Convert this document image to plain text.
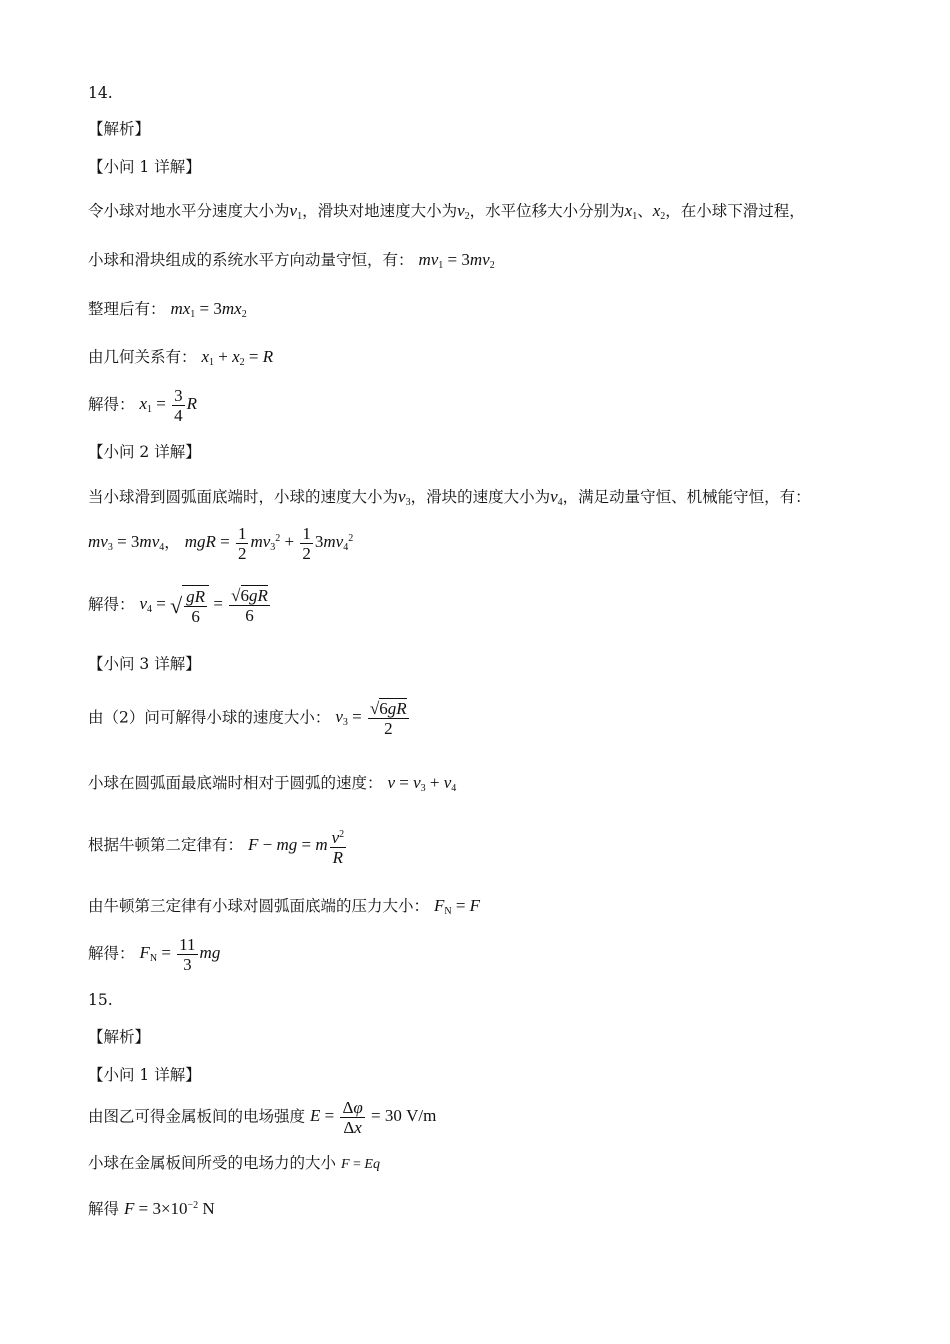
14.
【解析】
【小问 1 详解】
令小球对地水平分速度大小为$v_1$，滑块对地速度大小为$v_2$，水平位移大小分别为$x_1$、$x_2$，在小球下滑过程，
小球和滑块组成的系统水平方向动量守恒，有： $mv_1 = 3mv_2$
整理后有： $mx_1 = 3mx_2$
由几何关系有： $x_1 + x_2 = R$
解得： $x_1 = \frac{3}{4}$ R
【小问 2 详解】
当小球滑到圆弧面底端时，小球的速度大小为$v_3$，滑块的速度大小为$v_4$，满足动量守恒、机械能守恒，有：
$mv_3 = 3mv_4$， mgR = $\frac{1}{2} mv_3^2 + \frac{1}{2} 3mv_4^2$
解得： $v_4$ = √ $\frac{gR}{6} = \frac{√6gR}{6}$
【小问 3 详解】
由（2）问可解得小球的速度大小： $v_3 = \frac{√6gR}{2}$
小球在圆弧面最底端时相对于圆弧的速度： $v = v_3 + v_4$
根据牛顿第二定律有： F − mg = m $\frac{v^2}{R}$
由牛顿第三定律有小球对圆弧面底端的压力大小： $F_N = F$
解得： $F_N = \frac{11}{3}$ mg
15.
【解析】
【小问 1 详解】
由图乙可得金属板间的电场强度 $E = \frac{\Delta\varphi}{\Delta x} = 30$ V/m
小球在金属板间所受的电场力的大小 F = Eq
解得 $F = 3\times 10^{-2}$ N
